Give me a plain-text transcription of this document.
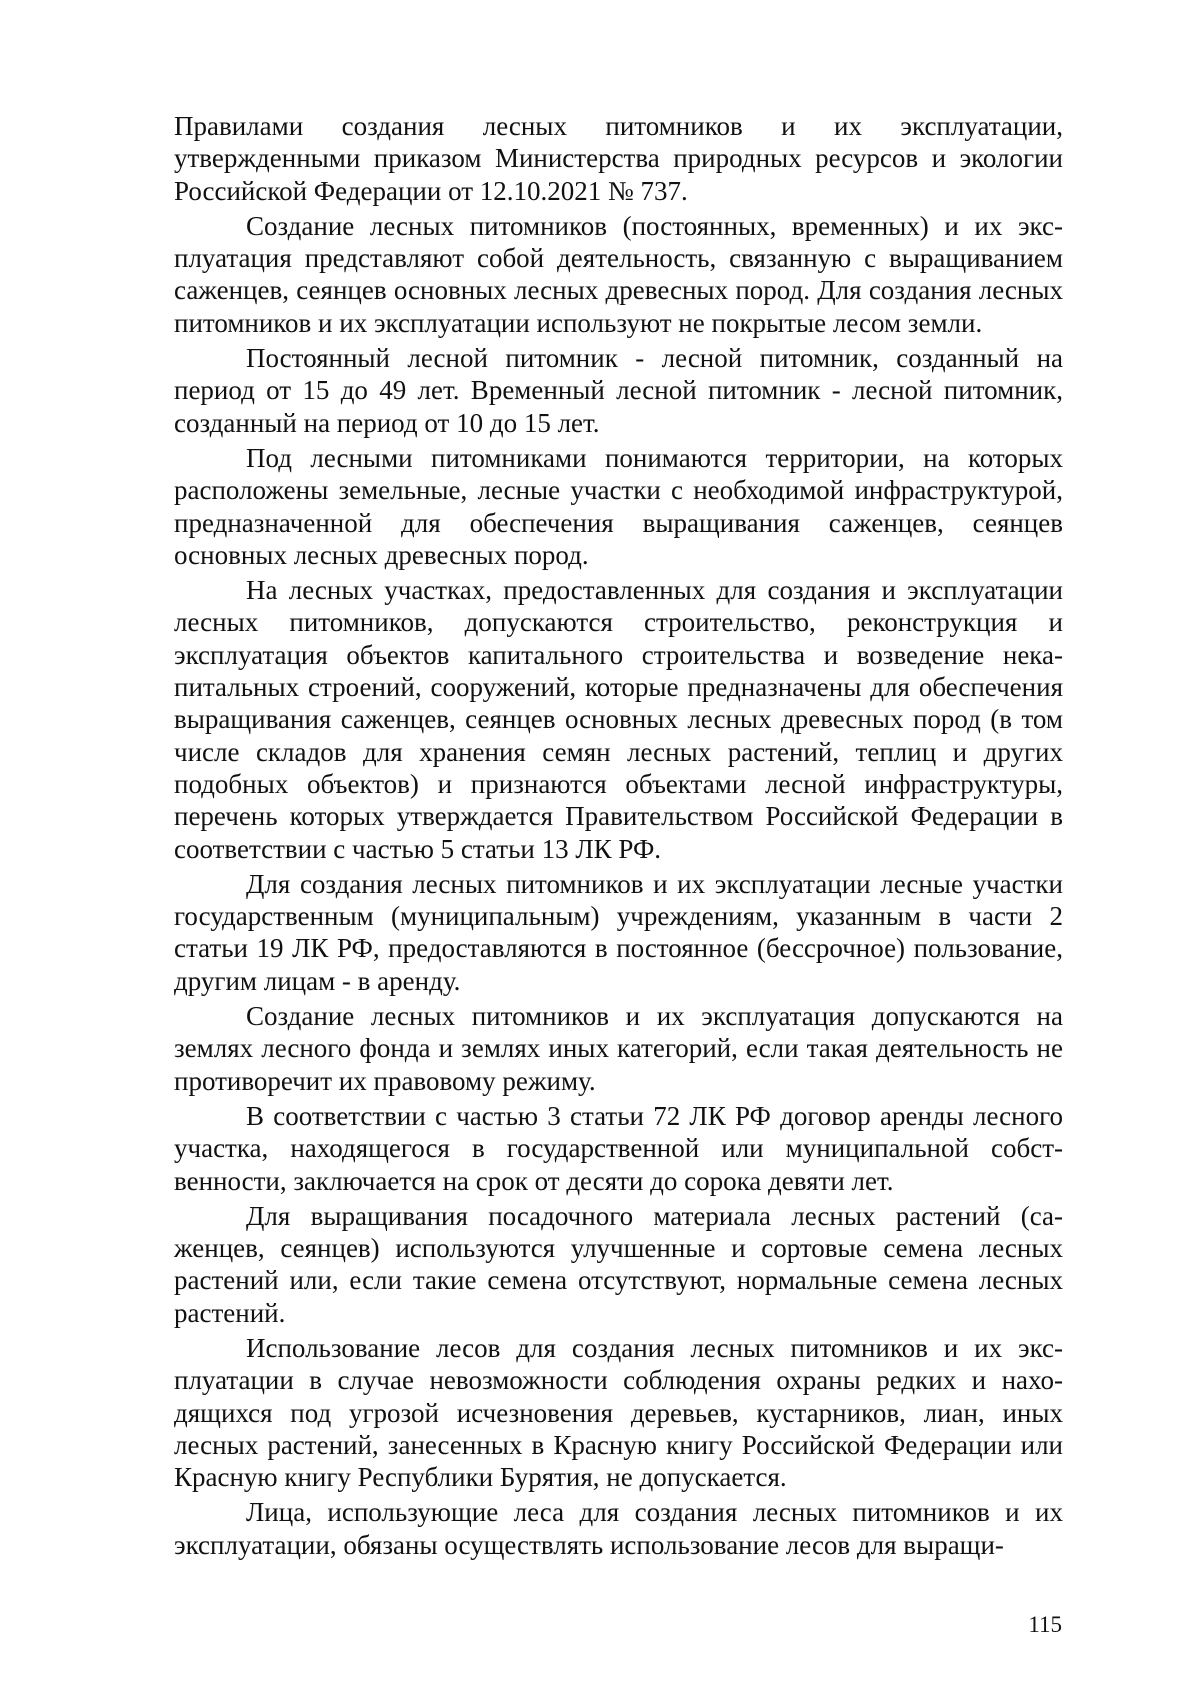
Правилами создания лесных питомников и их эксплуатации, утвержденными приказом Министерства природных ресурсов и экологии Российской Федерации от 12.10.2021 № 737.

Создание лесных питомников (постоянных, временных) и их эксплуатация представляют собой деятельность, связанную с выращиванием саженцев, сеянцев основных лесных древесных пород. Для создания лесных питомников и их эксплуатации используют не покрытые лесом земли.

Постоянный лесной питомник - лесной питомник, созданный на период от 15 до 49 лет. Временный лесной питомник - лесной питомник, созданный на период от 10 до 15 лет.

Под лесными питомниками понимаются территории, на которых расположены земельные, лесные участки с необходимой инфраструктурой, предназначенной для обеспечения выращивания саженцев, сеянцев основных лесных древесных пород.

На лесных участках, предоставленных для создания и эксплуатации лесных питомников, допускаются строительство, реконструкция и эксплуатация объектов капитального строительства и возведение некапитальных строений, сооружений, которые предназначены для обеспечения выращивания саженцев, сеянцев основных лесных древесных пород (в том числе складов для хранения семян лесных растений, теплиц и других подобных объектов) и признаются объектами лесной инфраструктуры, перечень которых утверждается Правительством Российской Федерации в соответствии с частью 5 статьи 13 ЛК РФ.

Для создания лесных питомников и их эксплуатации лесные участки государственным (муниципальным) учреждениям, указанным в части 2 статьи 19 ЛК РФ, предоставляются в постоянное (бессрочное) пользование, другим лицам - в аренду.

Создание лесных питомников и их эксплуатация допускаются на землях лесного фонда и землях иных категорий, если такая деятельность не противоречит их правовому режиму.

В соответствии с частью 3 статьи 72 ЛК РФ договор аренды лесного участка, находящегося в государственной или муниципальной собственности, заключается на срок от десяти до сорока девяти лет.

Для выращивания посадочного материала лесных растений (саженцев, сеянцев) используются улучшенные и сортовые семена лесных растений или, если такие семена отсутствуют, нормальные семена лесных растений.

Использование лесов для создания лесных питомников и их эксплуатации в случае невозможности соблюдения охраны редких и находящихся под угрозой исчезновения деревьев, кустарников, лиан, иных лесных растений, занесенных в Красную книгу Российской Федерации или Красную книгу Республики Бурятия, не допускается.

Лица, использующие леса для создания лесных питомников и их эксплуатации, обязаны осуществлять использование лесов для выращи-

115
